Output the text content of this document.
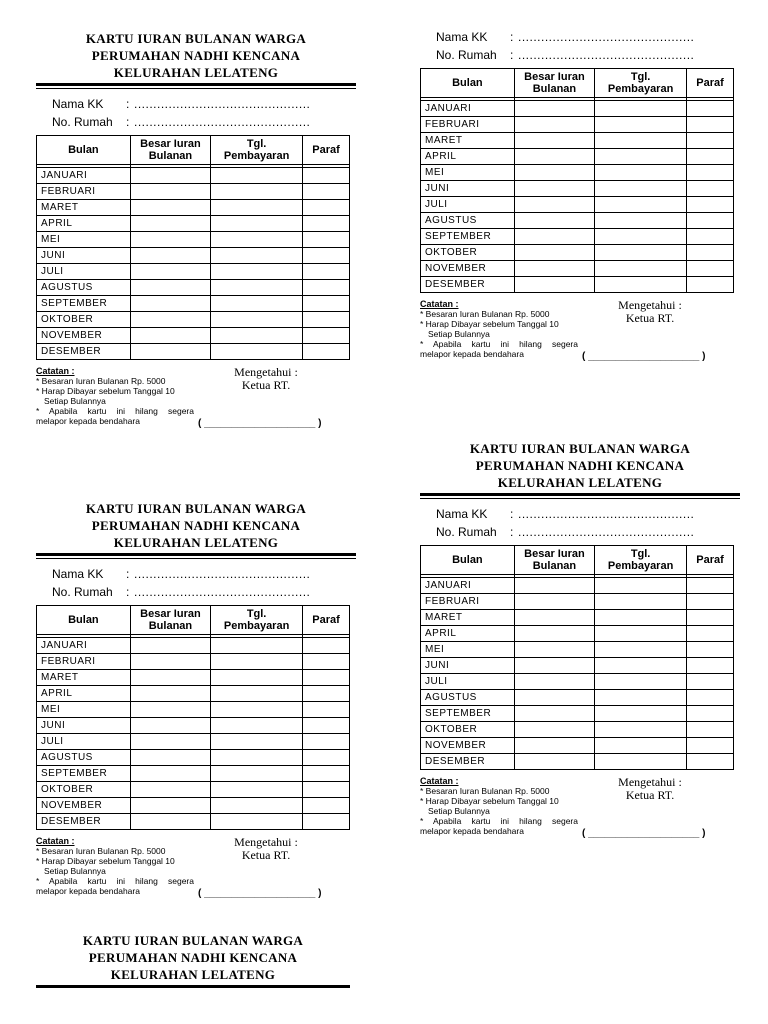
KARTU IURAN BULANAN WARGA
PERUMAHAN NADHI KENCANA
KELURAHAN LELATENG
Nama KK	: ..............................................
No. Rumah	: ..............................................
Bulan	Besar Iuran Bulanan	Tgl. Pembayaran	Paraf

JANUARI			
FEBRUARI			
MARET			
APRIL			
MEI			
JUNI			
JULI			
AGUSTUS			
SEPTEMBER			
OKTOBER			
NOVEMBER			
DESEMBER			
Catatan :
* Besaran Iuran Bulanan Rp. 5000
* Harap Dibayar sebelum Tanggal 10
Setiap Bulannya
* Apabila kartu ini hilang segera
melapor kepada bendahara
Mengetahui :
Ketua RT.
( ____________________ )
Nama KK	: ..............................................
No. Rumah	: ..............................................
Bulan	Besar Iuran Bulanan	Tgl. Pembayaran	Paraf

JANUARI			
FEBRUARI			
MARET			
APRIL			
MEI			
JUNI			
JULI			
AGUSTUS			
SEPTEMBER			
OKTOBER			
NOVEMBER			
DESEMBER			
Catatan :
* Besaran Iuran Bulanan Rp. 5000
* Harap Dibayar sebelum Tanggal 10
Setiap Bulannya
* Apabila kartu ini hilang segera
melapor kepada bendahara
Mengetahui :
Ketua RT.
( ____________________ )
KARTU IURAN BULANAN WARGA
PERUMAHAN NADHI KENCANA
KELURAHAN LELATENG
Nama KK	: ..............................................
No. Rumah	: ..............................................
Bulan	Besar Iuran Bulanan	Tgl. Pembayaran	Paraf

JANUARI			
FEBRUARI			
MARET			
APRIL			
MEI			
JUNI			
JULI			
AGUSTUS			
SEPTEMBER			
OKTOBER			
NOVEMBER			
DESEMBER			
Catatan :
* Besaran Iuran Bulanan Rp. 5000
* Harap Dibayar sebelum Tanggal 10
Setiap Bulannya
* Apabila kartu ini hilang segera
melapor kepada bendahara
Mengetahui :
Ketua RT.
( ____________________ )
KARTU IURAN BULANAN WARGA
PERUMAHAN NADHI KENCANA
KELURAHAN LELATENG
Nama KK	: ..............................................
No. Rumah	: ..............................................
Bulan	Besar Iuran Bulanan	Tgl. Pembayaran	Paraf

JANUARI			
FEBRUARI			
MARET			
APRIL			
MEI			
JUNI			
JULI			
AGUSTUS			
SEPTEMBER			
OKTOBER			
NOVEMBER			
DESEMBER			
Catatan :
* Besaran Iuran Bulanan Rp. 5000
* Harap Dibayar sebelum Tanggal 10
Setiap Bulannya
* Apabila kartu ini hilang segera
melapor kepada bendahara
Mengetahui :
Ketua RT.
( ____________________ )
KARTU IURAN BULANAN WARGA
PERUMAHAN NADHI KENCANA
KELURAHAN LELATENG
